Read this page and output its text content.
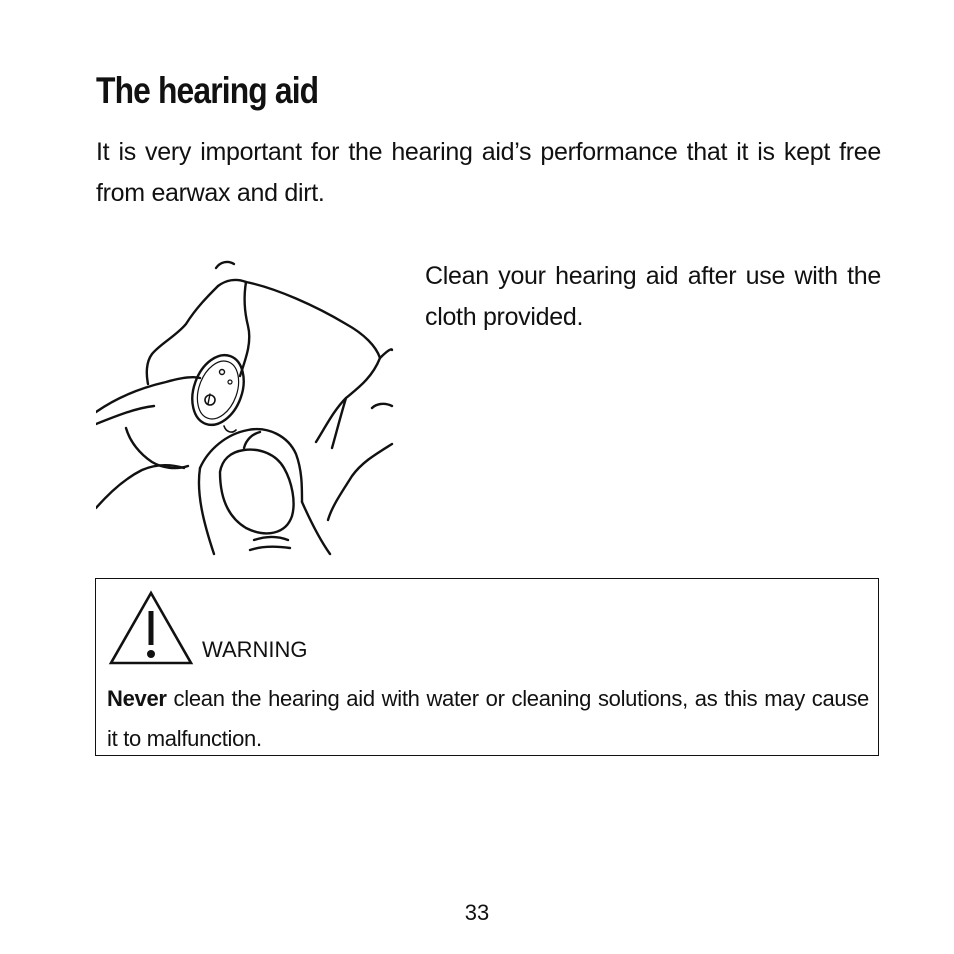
The hearing aid

It is very important for the hearing aid’s performance that it is kept free from earwax and dirt.

Clean your hearing aid after use with the cloth provided.

WARNING

Never clean the hearing aid with water or cleaning solutions, as this may cause it to malfunction.

33
